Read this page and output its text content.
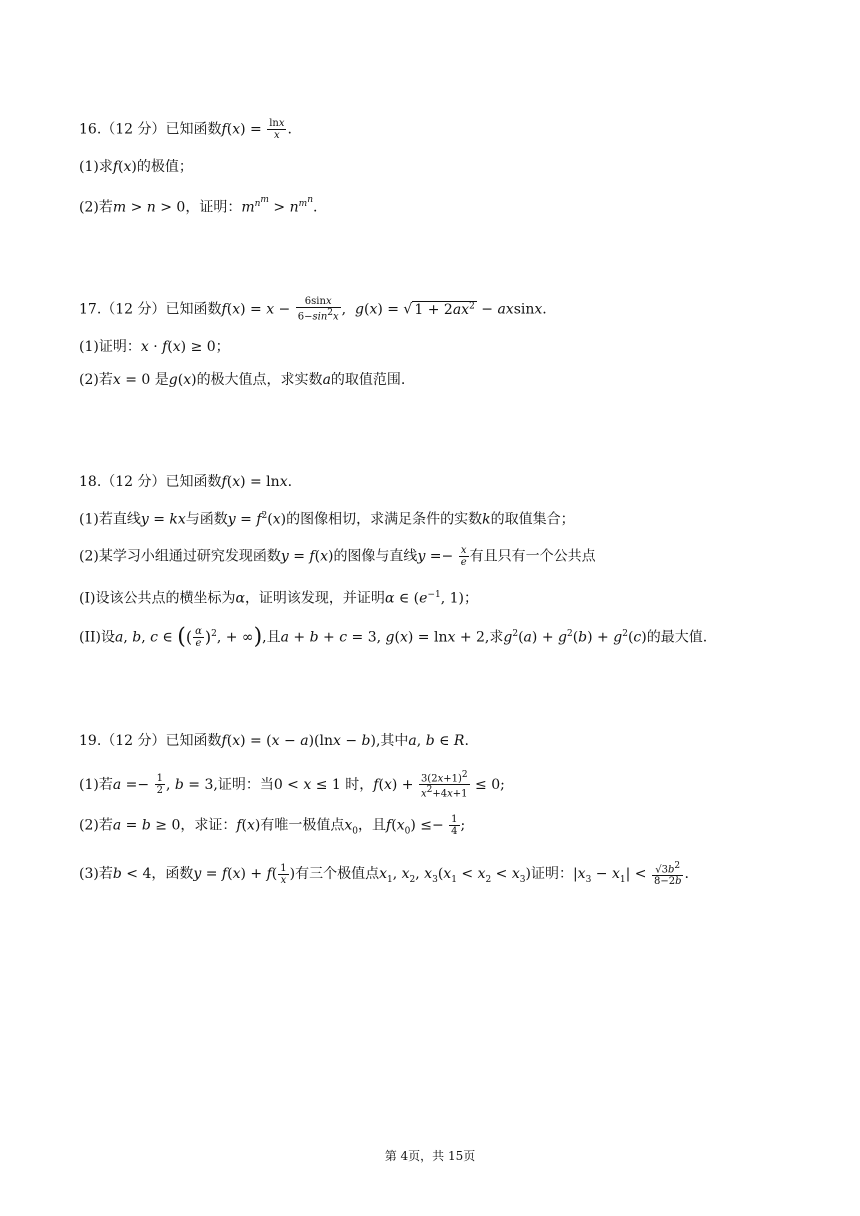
16.（12 分）已知函数$f(x) = \frac{\ln x}{x}$ .
(1)求f(x)的极值；
(2)若m > n > 0，证明：$m^{n^m} > n^{m^n}$.
17.（12 分）已知函数$f(x) = x - \frac{6\sin x}{6-\sin^2x}$ ,  g(x) = √ $1 + 2ax^2 - axsinx$.
(1)证明：x · f(x) ≥ 0；
(2)若x = 0 是g(x)的极大值点，求实数a的取值范围.
18.（12 分）已知函数f(x) = lnx.
(1)若直线y = kx与函数$y = f^2(x)$的图像相切，求满足条件的实数k的取值集合；
(2)某学习小组通过研究发现函数y = f(x)的图像与直线$y =- \frac{x}{e}$ 有且只有一个公共点
(I)设该公共点的横坐标为α，证明该发现，并证明α ∈ ($e^{-1}$, 1)；
(II)设a, b, c ∈ (( $\frac{\alpha}{e} )^2$, + ∞),且a + b + c = 3, g(x) = lnx + 2,求$g^2(a) + g^2(b) + g^2(c)$的最大值.
19.（12 分）已知函数f(x) = (x − a)(lnx − b),其中a, b ∈ R.
(1)若$a =- \frac{1}{2}$ , b = 3,证明：当0 < x ≤ 1 时，$f(x) + \frac{3(2x+1)^2}{x^2+4x+1} \le 0$;
(2)若a = b ≥ 0，求证：f(x)有唯一极值点$x_0$，且$f(x_0) \le- \frac{1}{4}$ ;
(3)若b < 4，函数$y = f(x) + f( \frac{1}{x}$ )有三个极值点$x_1$, $x_2$, $x_3(x_1 < x_2 < x_3)$证明：$|x_3 - x_1| < \frac{√3b^2}{8-2b}$ .
第 4页，共 15页
